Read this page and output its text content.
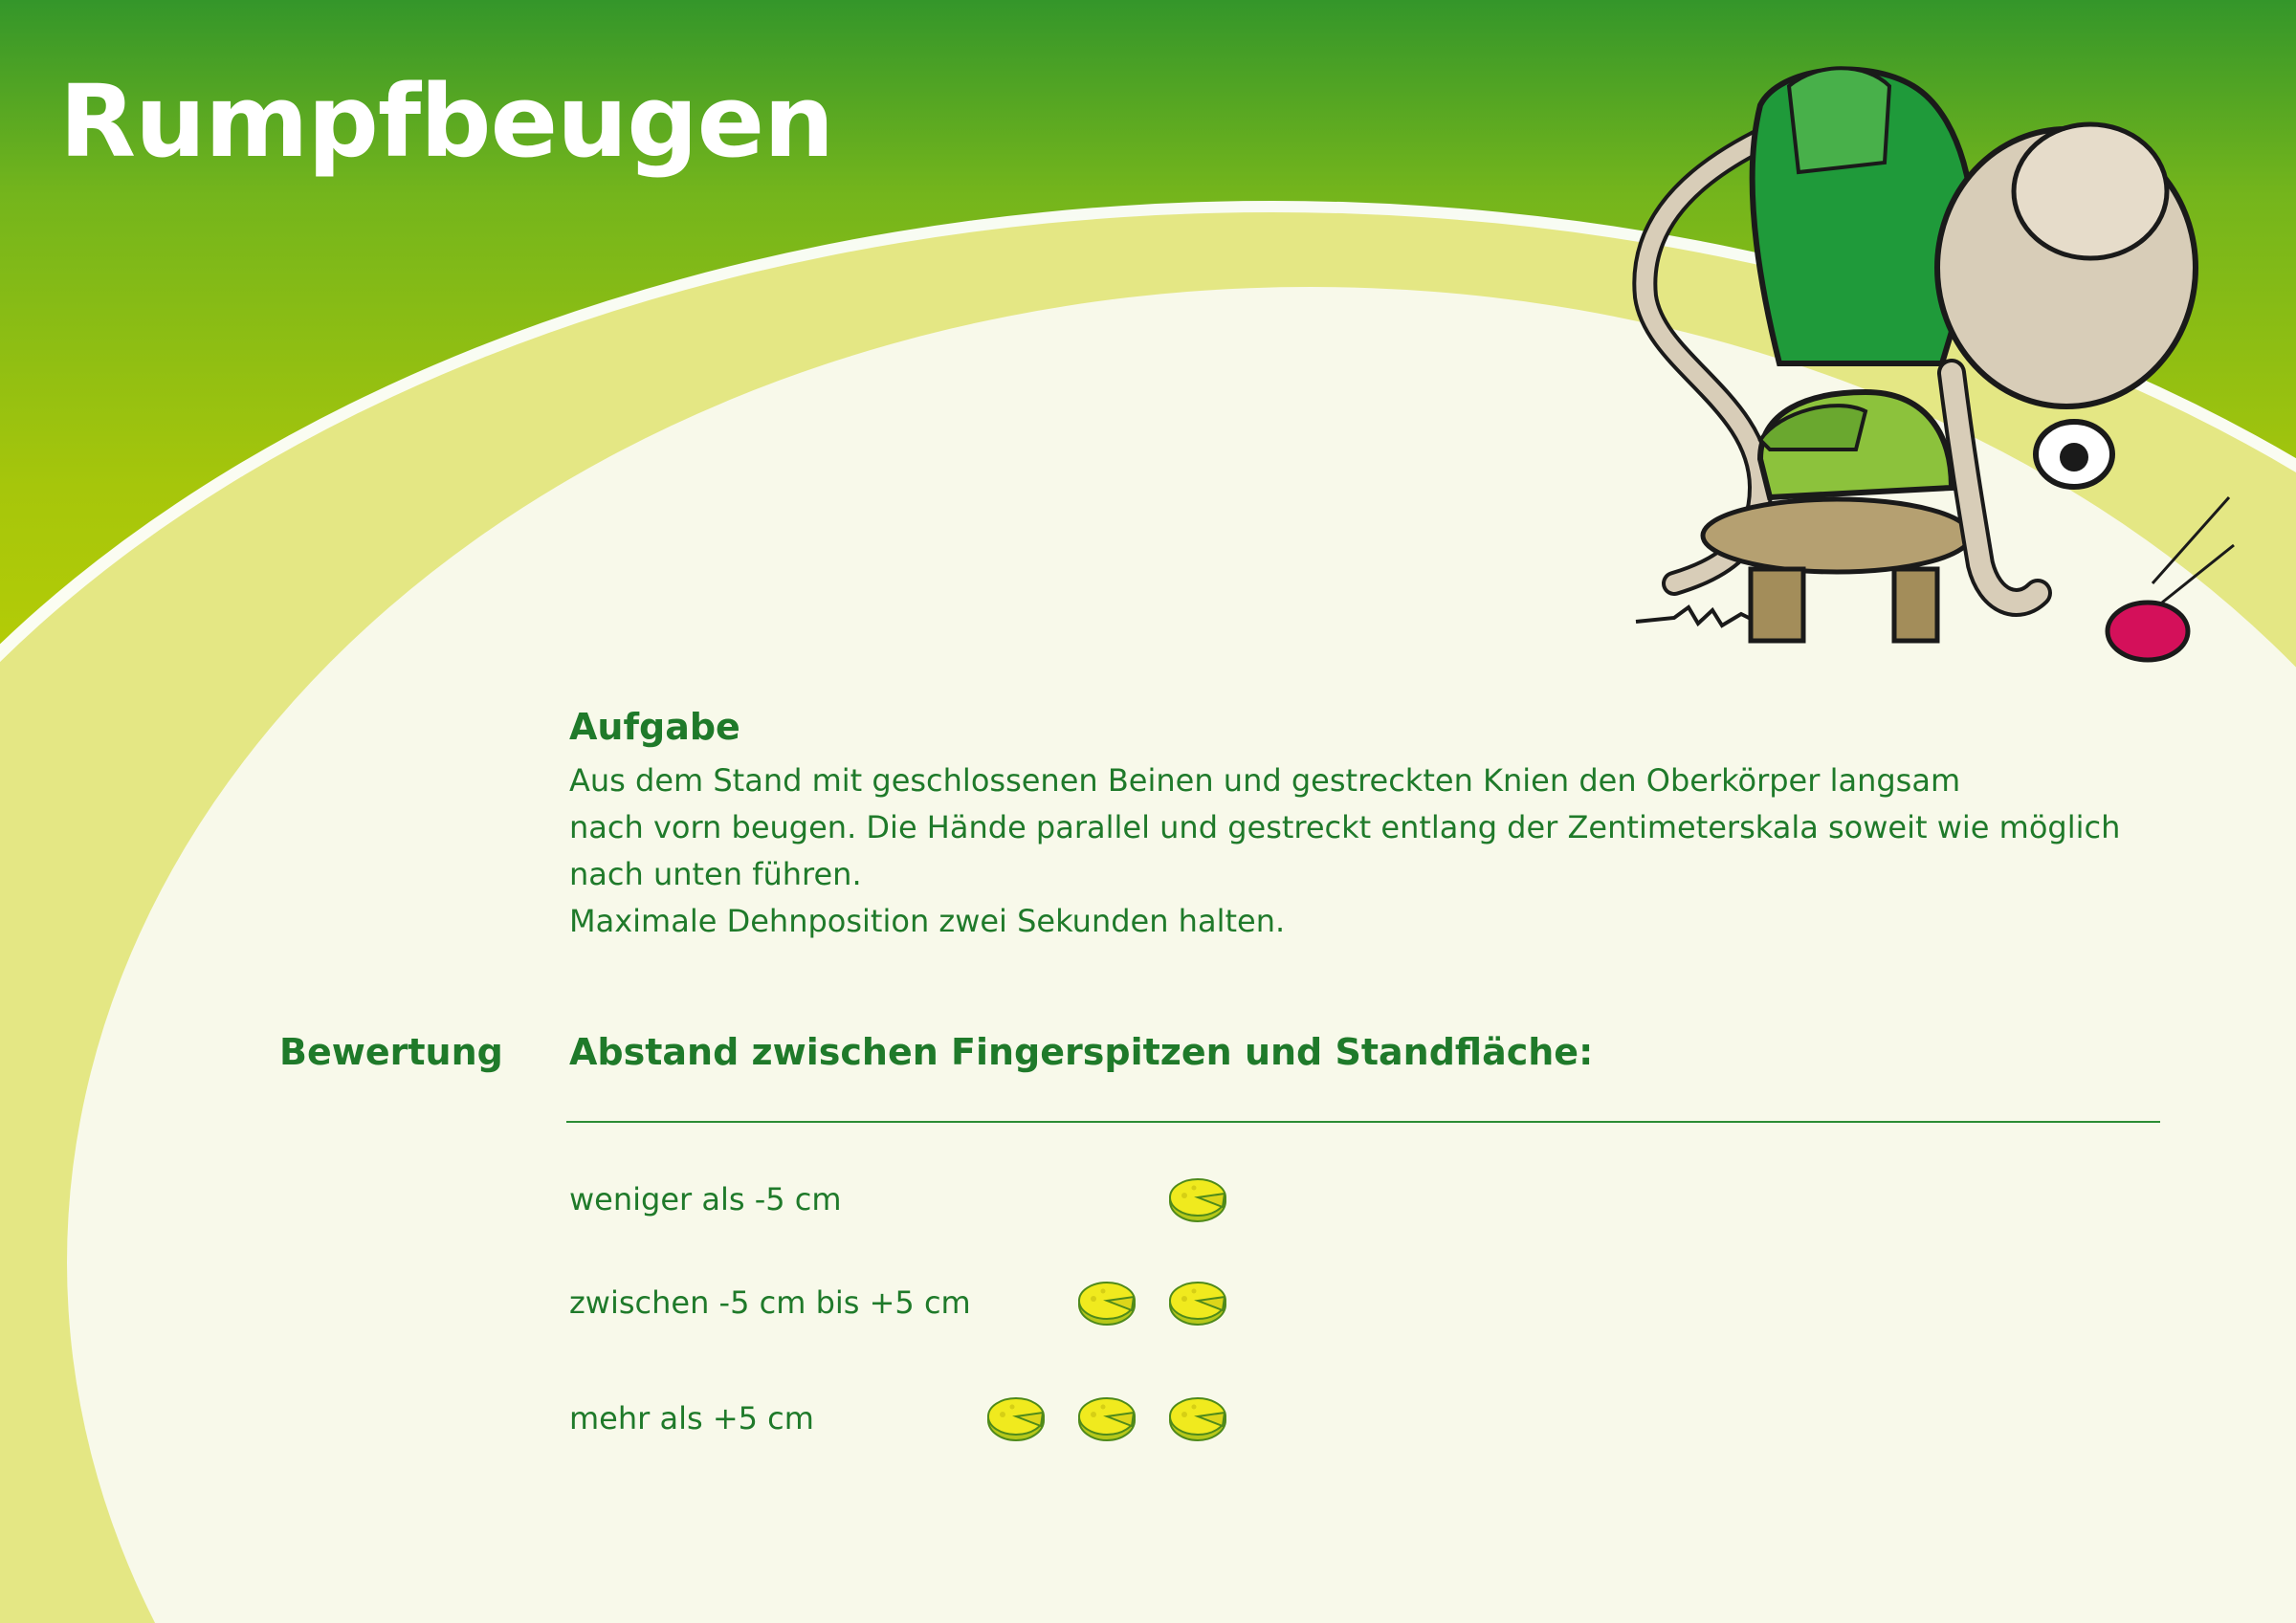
Rumpfbeugen
Aufgabe
Aus dem Stand mit geschlossenen Beinen und gestreckten Knien den Oberkörper langsam
nach vorn beugen. Die Hände parallel und gestreckt entlang der Zentimeterskala soweit wie möglich
nach unten führen.
Maximale Dehnposition zwei Sekunden halten.
Bewertung Abstand zwischen Fingerspitzen und Standfläche:
weniger als -5 cm
zwischen -5 cm bis +5 cm
mehr als +5 cm
